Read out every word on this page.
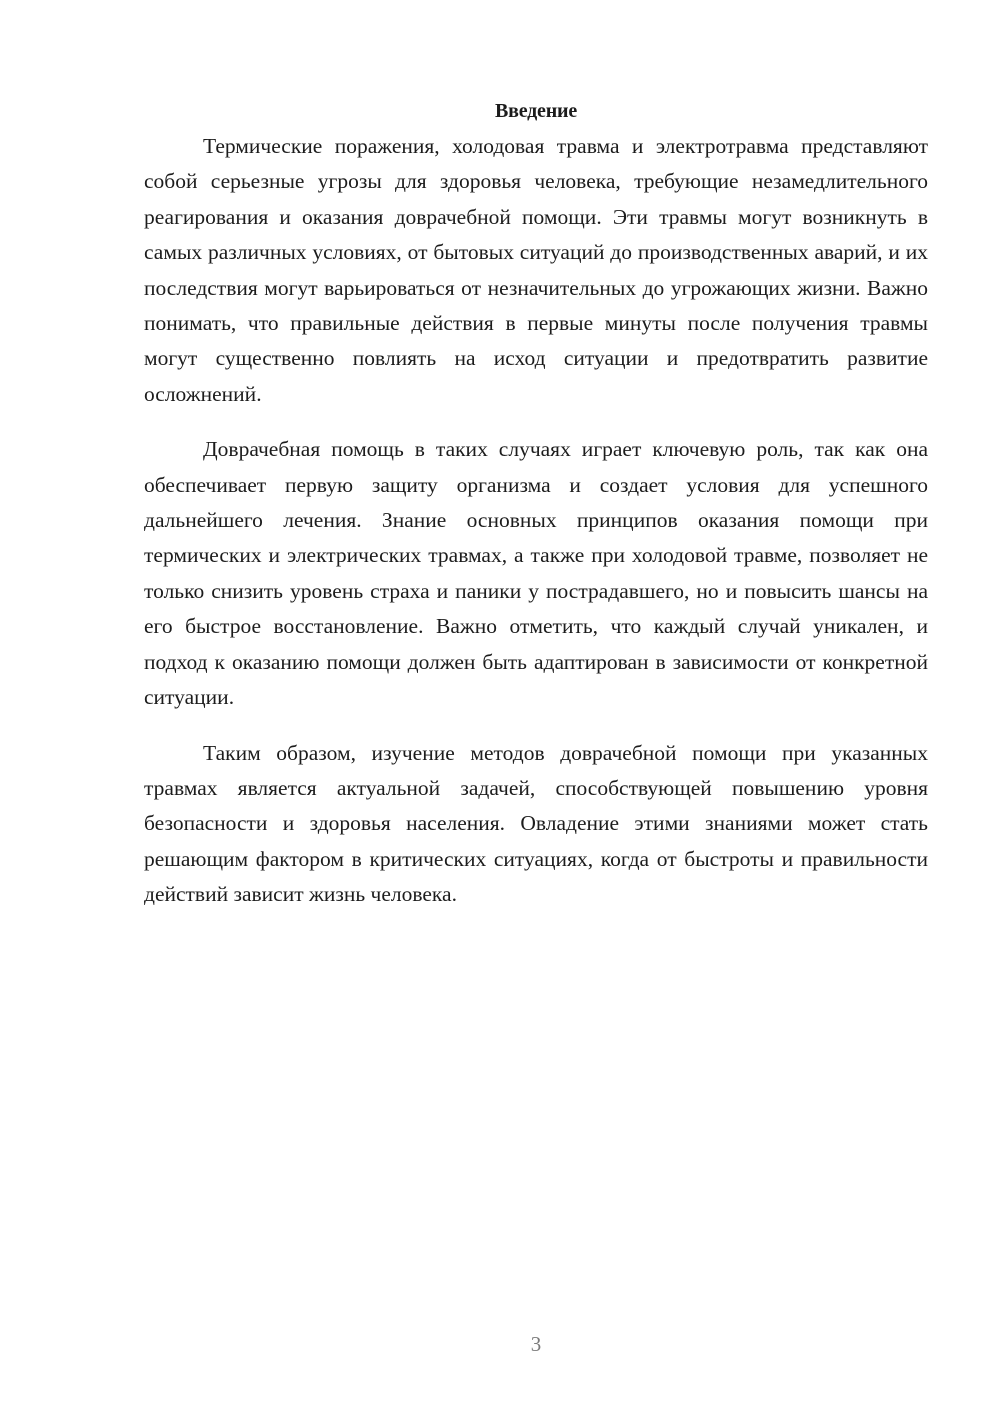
Введение

Термические поражения, холодовая травма и электротравма представляют собой серьезные угрозы для здоровья человека, требующие незамедлительного реагирования и оказания доврачебной помощи. Эти травмы могут возникнуть в самых различных условиях, от бытовых ситуаций до производственных аварий, и их последствия могут варьироваться от незначительных до угрожающих жизни. Важно понимать, что правильные действия в первые минуты после получения травмы могут существенно повлиять на исход ситуации и предотвратить развитие осложнений.

Доврачебная помощь в таких случаях играет ключевую роль, так как она обеспечивает первую защиту организма и создает условия для успешного дальнейшего лечения. Знание основных принципов оказания помощи при термических и электрических травмах, а также при холодовой травме, позволяет не только снизить уровень страха и паники у пострадавшего, но и повысить шансы на его быстрое восстановление. Важно отметить, что каждый случай уникален, и подход к оказанию помощи должен быть адаптирован в зависимости от конкретной ситуации.

Таким образом, изучение методов доврачебной помощи при указанных травмах является актуальной задачей, способствующей повышению уровня безопасности и здоровья населения. Овладение этими знаниями может стать решающим фактором в критических ситуациях, когда от быстроты и правильности действий зависит жизнь человека.

3
